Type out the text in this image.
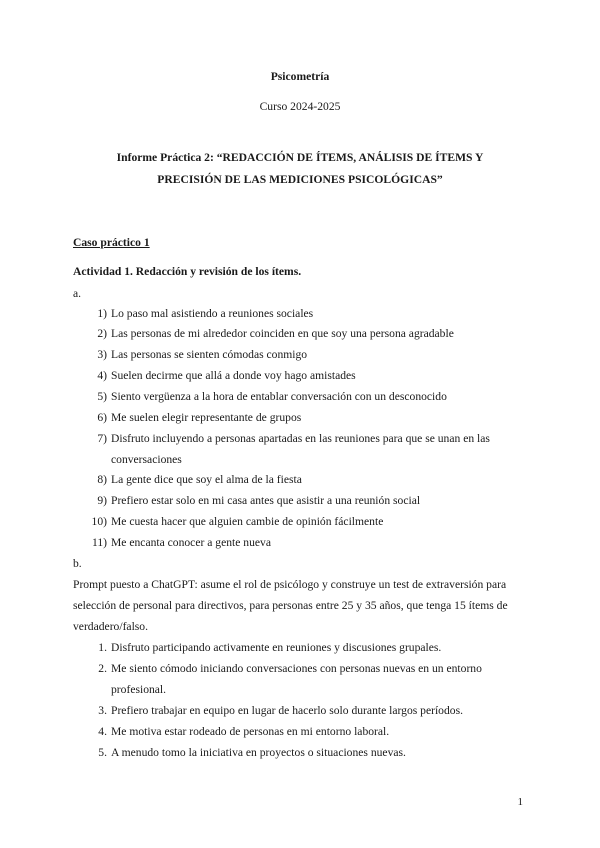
Psicometría
Curso 2024-2025
Informe Práctica 2: “REDACCIÓN DE ÍTEMS, ANÁLISIS DE ÍTEMS Y
PRECISIÓN DE LAS MEDICIONES PSICOLÓGICAS”
Caso práctico 1
Actividad 1. Redacción y revisión de los ítems.
a.
1) Lo paso mal asistiendo a reuniones sociales
2) Las personas de mi alrededor coinciden en que soy una persona agradable
3) Las personas se sienten cómodas conmigo
4) Suelen decirme que allá a donde voy hago amistades
5) Siento vergüenza a la hora de entablar conversación con un desconocido
6) Me suelen elegir representante de grupos
7) Disfruto incluyendo a personas apartadas en las reuniones para que se unan en las
conversaciones
8) La gente dice que soy el alma de la fiesta
9) Prefiero estar solo en mi casa antes que asistir a una reunión social
10) Me cuesta hacer que alguien cambie de opinión fácilmente
11) Me encanta conocer a gente nueva
b.
Prompt puesto a ChatGPT: asume el rol de psicólogo y construye un test de extraversión para
selección de personal para directivos, para personas entre 25 y 35 años, que tenga 15 ítems de
verdadero/falso.
1. Disfruto participando activamente en reuniones y discusiones grupales.
2. Me siento cómodo iniciando conversaciones con personas nuevas en un entorno
profesional.
3. Prefiero trabajar en equipo en lugar de hacerlo solo durante largos períodos.
4. Me motiva estar rodeado de personas en mi entorno laboral.
5. A menudo tomo la iniciativa en proyectos o situaciones nuevas.
1
